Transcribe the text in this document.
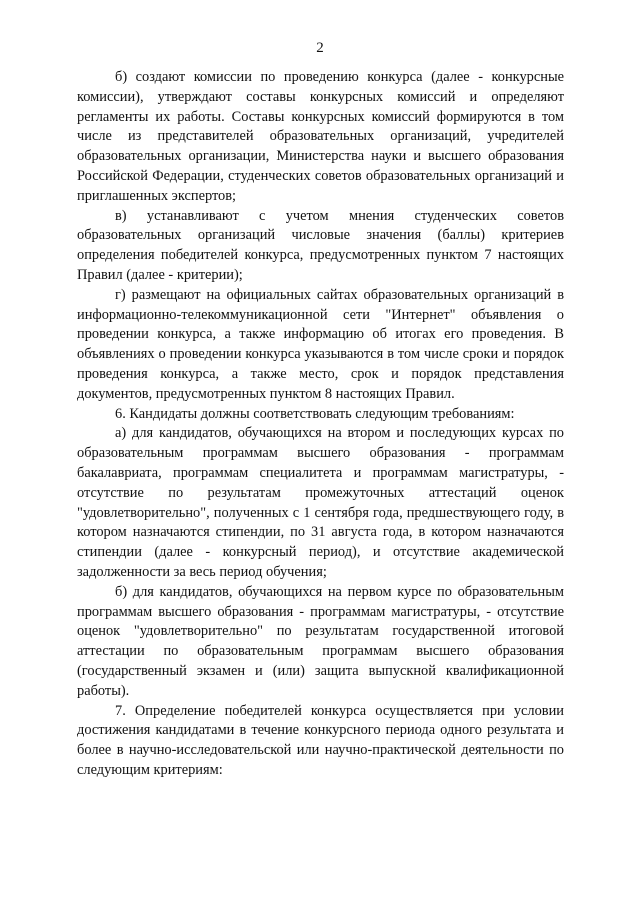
2

б) создают комиссии по проведению конкурса (далее - конкурсные комиссии), утверждают составы конкурсных комиссий и определяют регламенты их работы. Составы конкурсных комиссий формируются в том числе из представителей образовательных организаций, учредителей образовательных организации, Министерства науки и высшего образования Российской Федерации, студенческих советов образовательных организаций и приглашенных экспертов;

в) устанавливают с учетом мнения студенческих советов образовательных организаций числовые значения (баллы) критериев определения победителей конкурса, предусмотренных пунктом 7 настоящих Правил (далее - критерии);

г) размещают на официальных сайтах образовательных организаций в информационно-телекоммуникационной сети "Интернет" объявления о проведении конкурса, а также информацию об итогах его проведения. В объявлениях о проведении конкурса указываются в том числе сроки и порядок проведения конкурса, а также место, срок и порядок представления документов, предусмотренных пунктом 8 настоящих Правил.

6. Кандидаты должны соответствовать следующим требованиям:

а) для кандидатов, обучающихся на втором и последующих курсах по образовательным программам высшего образования - программам бакалавриата, программам специалитета и программам магистратуры, - отсутствие по результатам промежуточных аттестаций оценок "удовлетворительно", полученных с 1 сентября года, предшествующего году, в котором назначаются стипендии, по 31 августа года, в котором назначаются стипендии (далее - конкурсный период), и отсутствие академической задолженности за весь период обучения;

б) для кандидатов, обучающихся на первом курсе по образовательным программам высшего образования - программам магистратуры, - отсутствие оценок "удовлетворительно" по результатам государственной итоговой аттестации по образовательным программам высшего образования (государственный экзамен и (или) защита выпускной квалификационной работы).

7. Определение победителей конкурса осуществляется при условии достижения кандидатами в течение конкурсного периода одного результата и более в научно-исследовательской или научно-практической деятельности по следующим критериям:
